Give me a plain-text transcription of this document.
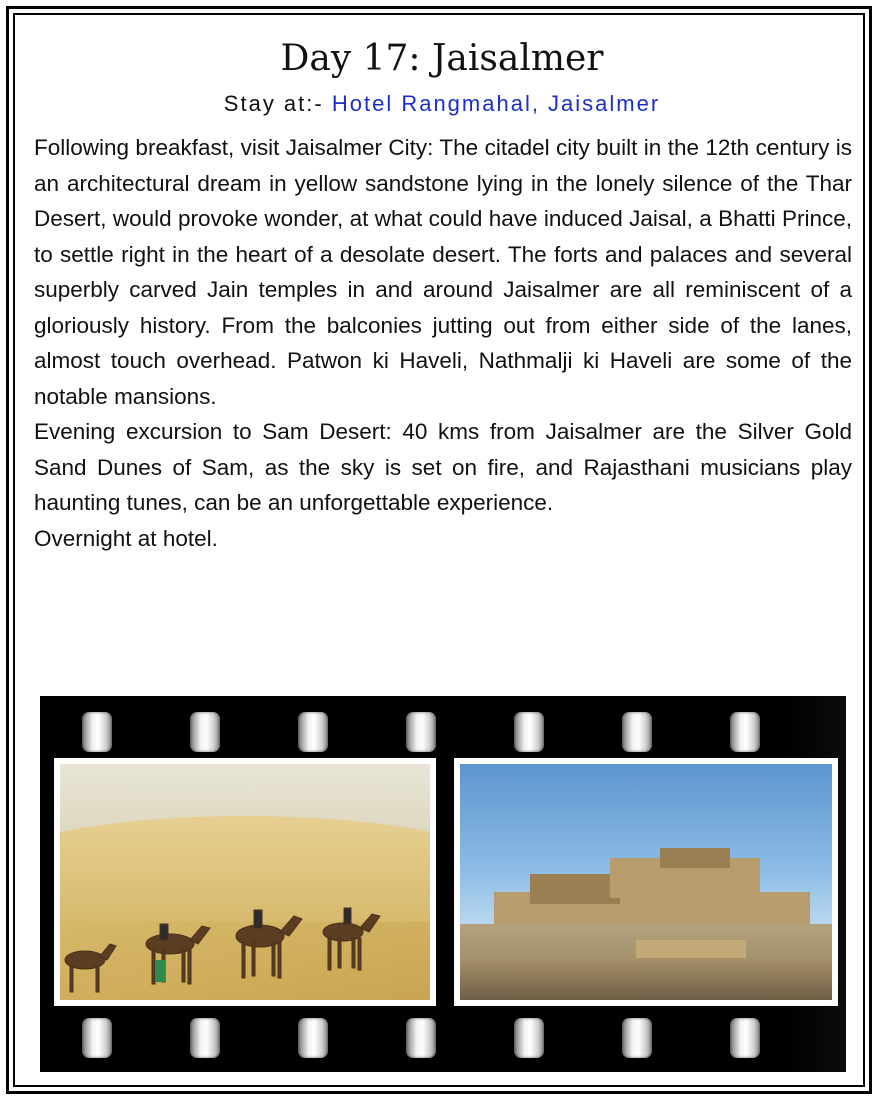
Day 17: Jaisalmer
Stay at:- Hotel Rangmahal, Jaisalmer

Following breakfast, visit Jaisalmer City: The citadel city built in the 12th century is an architectural dream in yellow sandstone lying in the lonely silence of the Thar Desert, would provoke wonder, at what could have induced Jaisal, a Bhatti Prince, to settle right in the heart of a desolate desert. The forts and palaces and several superbly carved Jain temples in and around Jaisalmer are all reminiscent of a gloriously history. From the balconies jutting out from either side of the lanes, almost touch overhead. Patwon ki Haveli, Nathmalji ki Haveli are some of the notable mansions.

Evening excursion to Sam Desert: 40 kms from Jaisalmer are the Silver Gold Sand Dunes of Sam, as the sky is set on fire, and Rajasthani musicians play haunting tunes, can be an unforgettable experience.

Overnight at hotel.
